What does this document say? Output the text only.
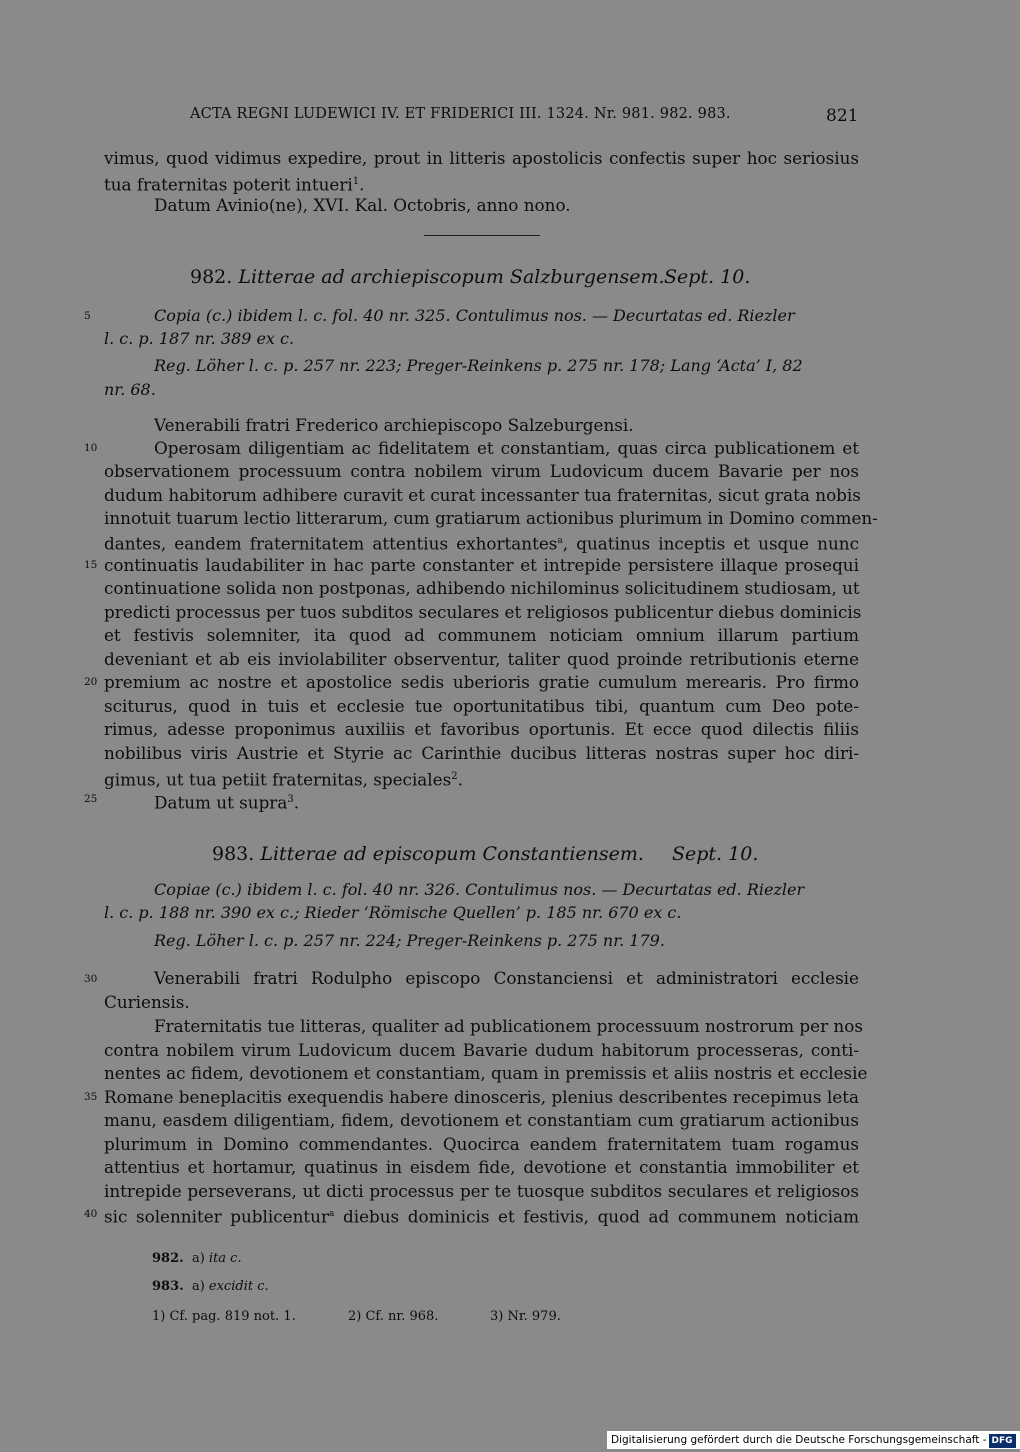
ACTA REGNI LUDEWICI IV. ET FRIDERICI III. 1324. Nr. 981. 982. 983.	821
vimus, quod vidimus expedire, prout in litteris apostolicis confectis super hoc seriosius
tua fraternitas poterit intueri$^1$.
Datum Avinio(ne), XVI. Kal. Octobris, anno nono.
982. Litterae ad archiepiscopum Salzburgensem. Sept. 10.
5	Copia (c.) ibidem l. c. fol. 40 nr. 325. Contulimus nos. — Decurtatas ed. Riezler
l. c. p. 187 nr. 389 ex c.
Reg. Löher l. c. p. 257 nr. 223; Preger-Reinkens p. 275 nr. 178; Lang ‘Acta’ I, 82
nr. 68.
Venerabili fratri Frederico archiepiscopo Salzeburgensi.
10	Operosam diligentiam ac fidelitatem et constantiam, quas circa publicationem et
observationem processuum contra nobilem virum Ludovicum ducem Bavarie per nos
dudum habitorum adhibere curavit et curat incessanter tua fraternitas, sicut grata nobis
innotuit tuarum lectio litterarum, cum gratiarum actionibus plurimum in Domino commen-
dantes, eandem fraternitatem attentius exhortantes$^a$, quatinus inceptis et usque nunc
15 continuatis laudabiliter in hac parte constanter et intrepide persistere illaque prosequi
continuatione solida non postponas, adhibendo nichilominus solicitudinem studiosam, ut
predicti processus per tuos subditos seculares et religiosos publicentur diebus dominicis
et festivis solemniter, ita quod ad communem noticiam omnium illarum partium
deveniant et ab eis inviolabiliter observentur, taliter quod proinde retributionis eterne
20 premium ac nostre et apostolice sedis uberioris gratie cumulum merearis. Pro firmo
sciturus, quod in tuis et ecclesie tue oportunitatibus tibi, quantum cum Deo pote-
rimus, adesse proponimus auxiliis et favoribus oportunis. Et ecce quod dilectis filiis
nobilibus viris Austrie et Styrie ac Carinthie ducibus litteras nostras super hoc diri-
gimus, ut tua petiit fraternitas, speciales$^2$.
25	Datum ut supra$^3$.
983. Litterae ad episcopum Constantiensem. Sept. 10.
Copiae (c.) ibidem l. c. fol. 40 nr. 326. Contulimus nos. — Decurtatas ed. Riezler
l. c. p. 188 nr. 390 ex c.; Rieder ‘Römische Quellen’ p. 185 nr. 670 ex c.
Reg. Löher l. c. p. 257 nr. 224; Preger-Reinkens p. 275 nr. 179.
30	Venerabili fratri Rodulpho episcopo Constanciensi et administratori ecclesie
Curiensis.
Fraternitatis tue litteras, qualiter ad publicationem processuum nostrorum per nos
contra nobilem virum Ludovicum ducem Bavarie dudum habitorum processeras, conti-
nentes ac fidem, devotionem et constantiam, quam in premissis et aliis nostris et ecclesie
35 Romane beneplacitis exequendis habere dinosceris, plenius describentes recepimus leta
manu, easdem diligentiam, fidem, devotionem et constantiam cum gratiarum actionibus
plurimum in Domino commendantes. Quocirca eandem fraternitatem tuam rogamus
attentius et hortamur, quatinus in eisdem fide, devotione et constantia immobiliter et
intrepide perseverans, ut dicti processus per te tuosque subditos seculares et religiosos
40 sic solenniter publicentur$^a$ diebus dominicis et festivis, quod ad communem noticiam
982. a) ita c.
983. a) excidit c.
1) Cf. pag. 819 not. 1.	2) Cf. nr. 968.	3) Nr. 979.
Digitalisierung gefördert durch die Deutsche Forschungsgemeinschaft - DFG
